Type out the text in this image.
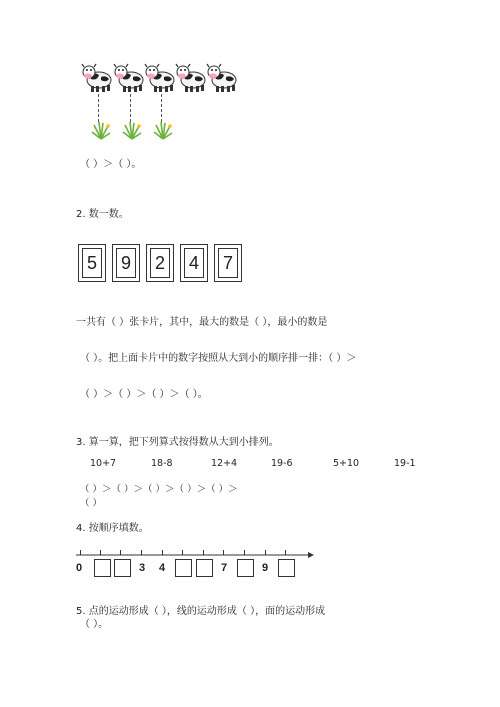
（ ）＞（ ）。
2. 数一数。
5 9 2 4 7
一共有（ ）张卡片，其中，最大的数是（ ），最小的数是
（ ）。把上面卡片中的数字按照从大到小的顺序排一排：（ ）＞
（ ）＞（ ）＞（ ）＞（ ）。
3. 算一算，把下列算式按得数从大到小排列。
10+7	18-8	12+4	19-6	5+10	19-1
（ ）＞（ ）＞（ ）＞（ ）＞（ ）＞
（ ）
4. 按顺序填数。
0	3 4	7	9
5. 点的运动形成（ ），线的运动形成（ ），面的运动形成
（ ）。
